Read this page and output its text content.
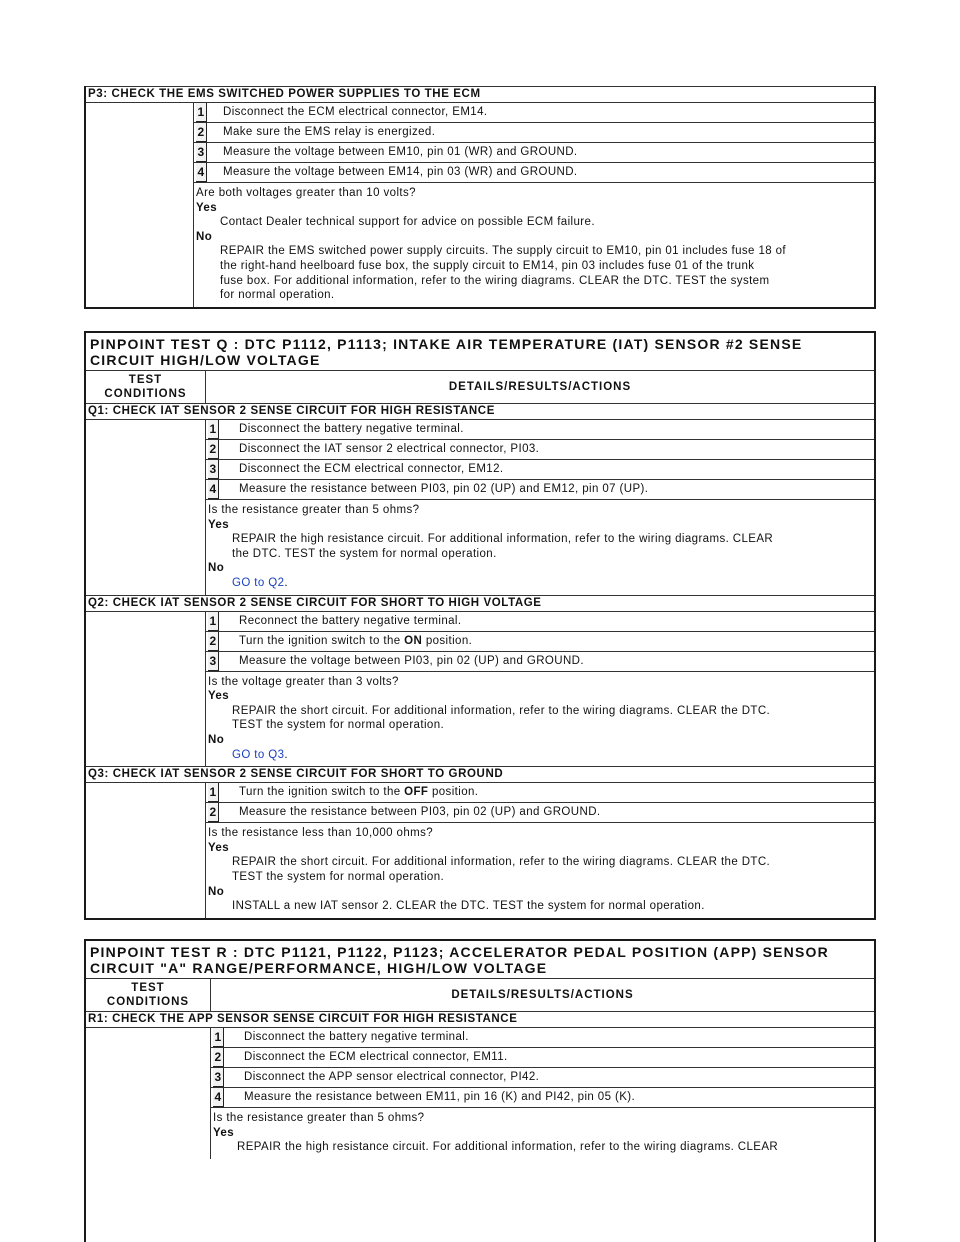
P3: CHECK THE EMS SWITCHED POWER SUPPLIES TO THE ECM
1	Disconnect the ECM electrical connector, EM14.
2	Make sure the EMS relay is energized.
3	Measure the voltage between EM10, pin 01 (WR) and GROUND.
4	Measure the voltage between EM14, pin 03 (WR) and GROUND.
Are both voltages greater than 10 volts?
Yes
Contact Dealer technical support for advice on possible ECM failure.
No
REPAIR the EMS switched power supply circuits. The supply circuit to EM10, pin 01 includes fuse 18 of
the right-hand heelboard fuse box, the supply circuit to EM14, pin 03 includes fuse 01 of the trunk
fuse box. For additional information, refer to the wiring diagrams. CLEAR the DTC. TEST the system
for normal operation.
PINPOINT TEST Q : DTC P1112, P1113; INTAKE AIR TEMPERATURE (IAT) SENSOR #2 SENSE
CIRCUIT HIGH/LOW VOLTAGE
TEST
CONDITIONS
DETAILS/RESULTS/ACTIONS
Q1: CHECK IAT SENSOR 2 SENSE CIRCUIT FOR HIGH RESISTANCE
1	Disconnect the battery negative terminal.
2	Disconnect the IAT sensor 2 electrical connector, PI03.
3	Disconnect the ECM electrical connector, EM12.
4	Measure the resistance between PI03, pin 02 (UP) and EM12, pin 07 (UP).
Is the resistance greater than 5 ohms?
Yes
REPAIR the high resistance circuit. For additional information, refer to the wiring diagrams. CLEAR
the DTC. TEST the system for normal operation.
No
GO to Q2.
Q2: CHECK IAT SENSOR 2 SENSE CIRCUIT FOR SHORT TO HIGH VOLTAGE
1	Reconnect the battery negative terminal.
2	Turn the ignition switch to the ON position.
3	Measure the voltage between PI03, pin 02 (UP) and GROUND.
Is the voltage greater than 3 volts?
Yes
REPAIR the short circuit. For additional information, refer to the wiring diagrams. CLEAR the DTC.
TEST the system for normal operation.
No
GO to Q3.
Q3: CHECK IAT SENSOR 2 SENSE CIRCUIT FOR SHORT TO GROUND
1	Turn the ignition switch to the OFF position.
2	Measure the resistance between PI03, pin 02 (UP) and GROUND.
Is the resistance less than 10,000 ohms?
Yes
REPAIR the short circuit. For additional information, refer to the wiring diagrams. CLEAR the DTC.
TEST the system for normal operation.
No
INSTALL a new IAT sensor 2. CLEAR the DTC. TEST the system for normal operation.
PINPOINT TEST R : DTC P1121, P1122, P1123; ACCELERATOR PEDAL POSITION (APP) SENSOR
CIRCUIT "A" RANGE/PERFORMANCE, HIGH/LOW VOLTAGE
TEST
CONDITIONS
DETAILS/RESULTS/ACTIONS
R1: CHECK THE APP SENSOR SENSE CIRCUIT FOR HIGH RESISTANCE
1	Disconnect the battery negative terminal.
2	Disconnect the ECM electrical connector, EM11.
3	Disconnect the APP sensor electrical connector, PI42.
4	Measure the resistance between EM11, pin 16 (K) and PI42, pin 05 (K).
Is the resistance greater than 5 ohms?
Yes
REPAIR the high resistance circuit. For additional information, refer to the wiring diagrams. CLEAR
